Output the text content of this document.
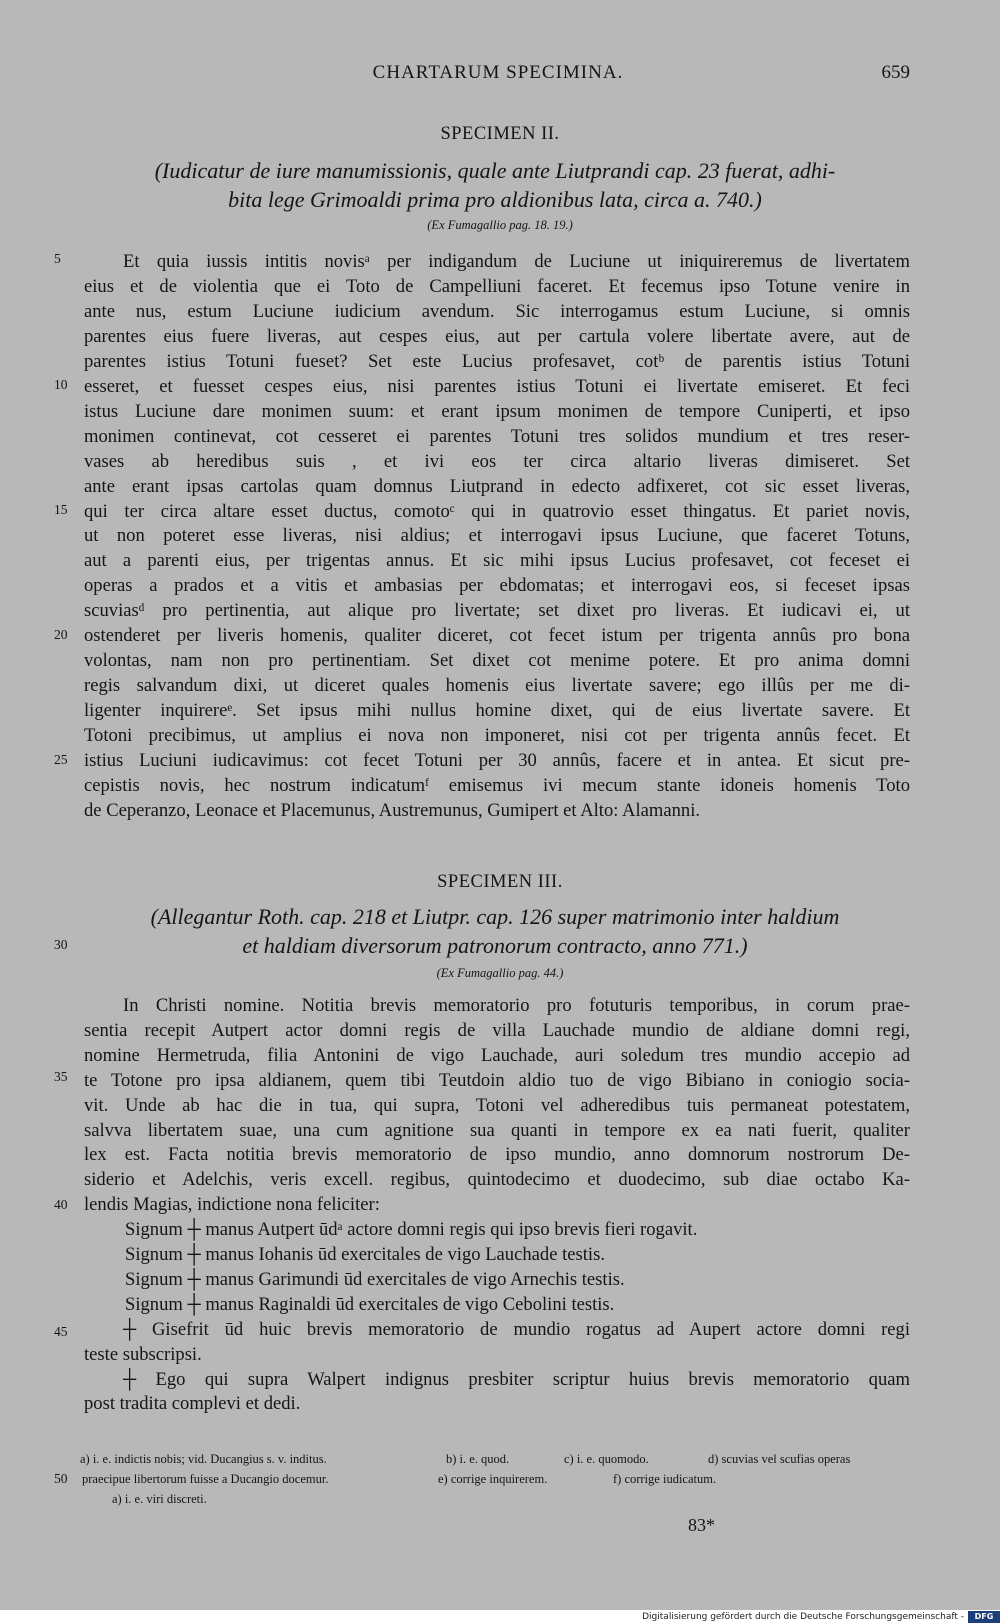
CHARTARUM SPECIMINA.	659
SPECIMEN II.
(Iudicatur de iure manumissionis, quale ante Liutprandi cap. 23 fuerat, adhi-
bita lege Grimoaldi prima pro aldionibus lata, circa a. 740.)
(Ex Fumagallio pag. 18. 19.)
Et quia iussis intitis novisᵃ per indigandum de Luciune ut iniquireremus de livertatem
eius et de violentia que ei Toto de Campelliuni faceret. Et fecemus ipso Totune venire in
ante nus, estum Luciune iudicium avendum. Sic interrogamus estum Luciune, si omnis
parentes eius fuere liveras, aut cespes eius, aut per cartula volere libertate avere, aut de
parentes istius Totuni fueset? Set este Lucius profesavet, cotᵇ de parentis istius Totuni
esseret, et fuesset cespes eius, nisi parentes istius Totuni ei livertate emiseret. Et feci
istus Luciune dare monimen suum: et erant ipsum monimen de tempore Cuniperti, et ipso
monimen continevat, cot cesseret ei parentes Totuni tres solidos mundium et tres reser-
vases ab heredibus suis , et ivi eos ter circa altario liveras dimiseret. Set
ante erant ipsas cartolas quam domnus Liutprand in edecto adfixeret, cot sic esset liveras,
qui ter circa altare esset ductus, comotoᶜ qui in quatrovio esset thingatus. Et pariet novis,
ut non poteret esse liveras, nisi aldius; et interrogavi ipsus Luciune, que faceret Totuns,
aut a parenti eius, per trigentas annus. Et sic mihi ipsus Lucius profesavet, cot feceset ei
operas a prados et a vitis et ambasias per ebdomatas; et interrogavi eos, si feceset ipsas
scuviasᵈ pro pertinentia, aut alique pro livertate; set dixet pro liveras. Et iudicavi ei, ut
ostenderet per liveris homenis, qualiter diceret, cot fecet istum per trigenta annûs pro bona
volontas, nam non pro pertinentiam. Set dixet cot menime potere. Et pro anima domni
regis salvandum dixi, ut diceret quales homenis eius livertate savere; ego illûs per me di-
ligenter inquirereᵉ. Set ipsus mihi nullus homine dixet, qui de eius livertate savere. Et
Totoni precibimus, ut amplius ei nova non imponeret, nisi cot per trigenta annûs fecet. Et
istius Luciuni iudicavimus: cot fecet Totuni per 30 annûs, facere et in antea. Et sicut pre-
cepistis novis, hec nostrum indicatumᶠ emisemus ivi mecum stante idoneis homenis Toto
de Ceperanzo, Leonace et Placemunus, Austremunus, Gumipert et Alto: Alamanni.
SPECIMEN III.
(Allegantur Roth. cap. 218 et Liutpr. cap. 126 super matrimonio inter haldium
et haldiam diversorum patronorum contracto, anno 771.)
(Ex Fumagallio pag. 44.)
In Christi nomine. Notitia brevis memoratorio pro fotuturis temporibus, in corum prae-
sentia recepit Autpert actor domni regis de villa Lauchade mundio de aldiane domni regi,
nomine Hermetruda, filia Antonini de vigo Lauchade, auri soledum tres mundio accepio ad
te Totone pro ipsa aldianem, quem tibi Teutdoin aldio tuo de vigo Bibiano in coniogio socia-
vit. Unde ab hac die in tua, qui supra, Totoni vel adheredibus tuis permaneat potestatem,
salvva libertatem suae, una cum agnitione sua quanti in tempore ex ea nati fuerit, qualiter
lex est. Facta notitia brevis memoratorio de ipso mundio, anno domnorum nostrorum De-
siderio et Adelchis, veris excell. regibus, quintodecimo et duodecimo, sub diae octabo Ka-
lendis Magias, indictione nona feliciter:
Signum ┼ manus Autpert ūdᵃ actore domni regis qui ipso brevis fieri rogavit.
Signum ┼ manus Iohanis ūd exercitales de vigo Lauchade testis.
Signum ┼ manus Garimundi ūd exercitales de vigo Arnechis testis.
Signum ┼ manus Raginaldi ūd exercitales de vigo Cebolini testis.
┼ Gisefrit ūd huic brevis memoratorio de mundio rogatus ad Aupert actore domni regi
teste subscripsi.
┼ Ego qui supra Walpert indignus presbiter scriptur huius brevis memoratorio quam
post tradita complevi et dedi.
5
10
15
20
25
30
35
40
45
50
a) i. e. indictis nobis; vid. Ducangius s. v. inditus.	b) i. e. quod.	c) i. e. quomodo.	d) scuvias vel scufias operas
praecipue libertorum fuisse a Ducangio docemur.	e) corrige inquirerem.	f) corrige iudicatum.
a) i. e. viri discreti.
83*
Digitalisierung gefördert durch die Deutsche Forschungsgemeinschaft -	DFG
